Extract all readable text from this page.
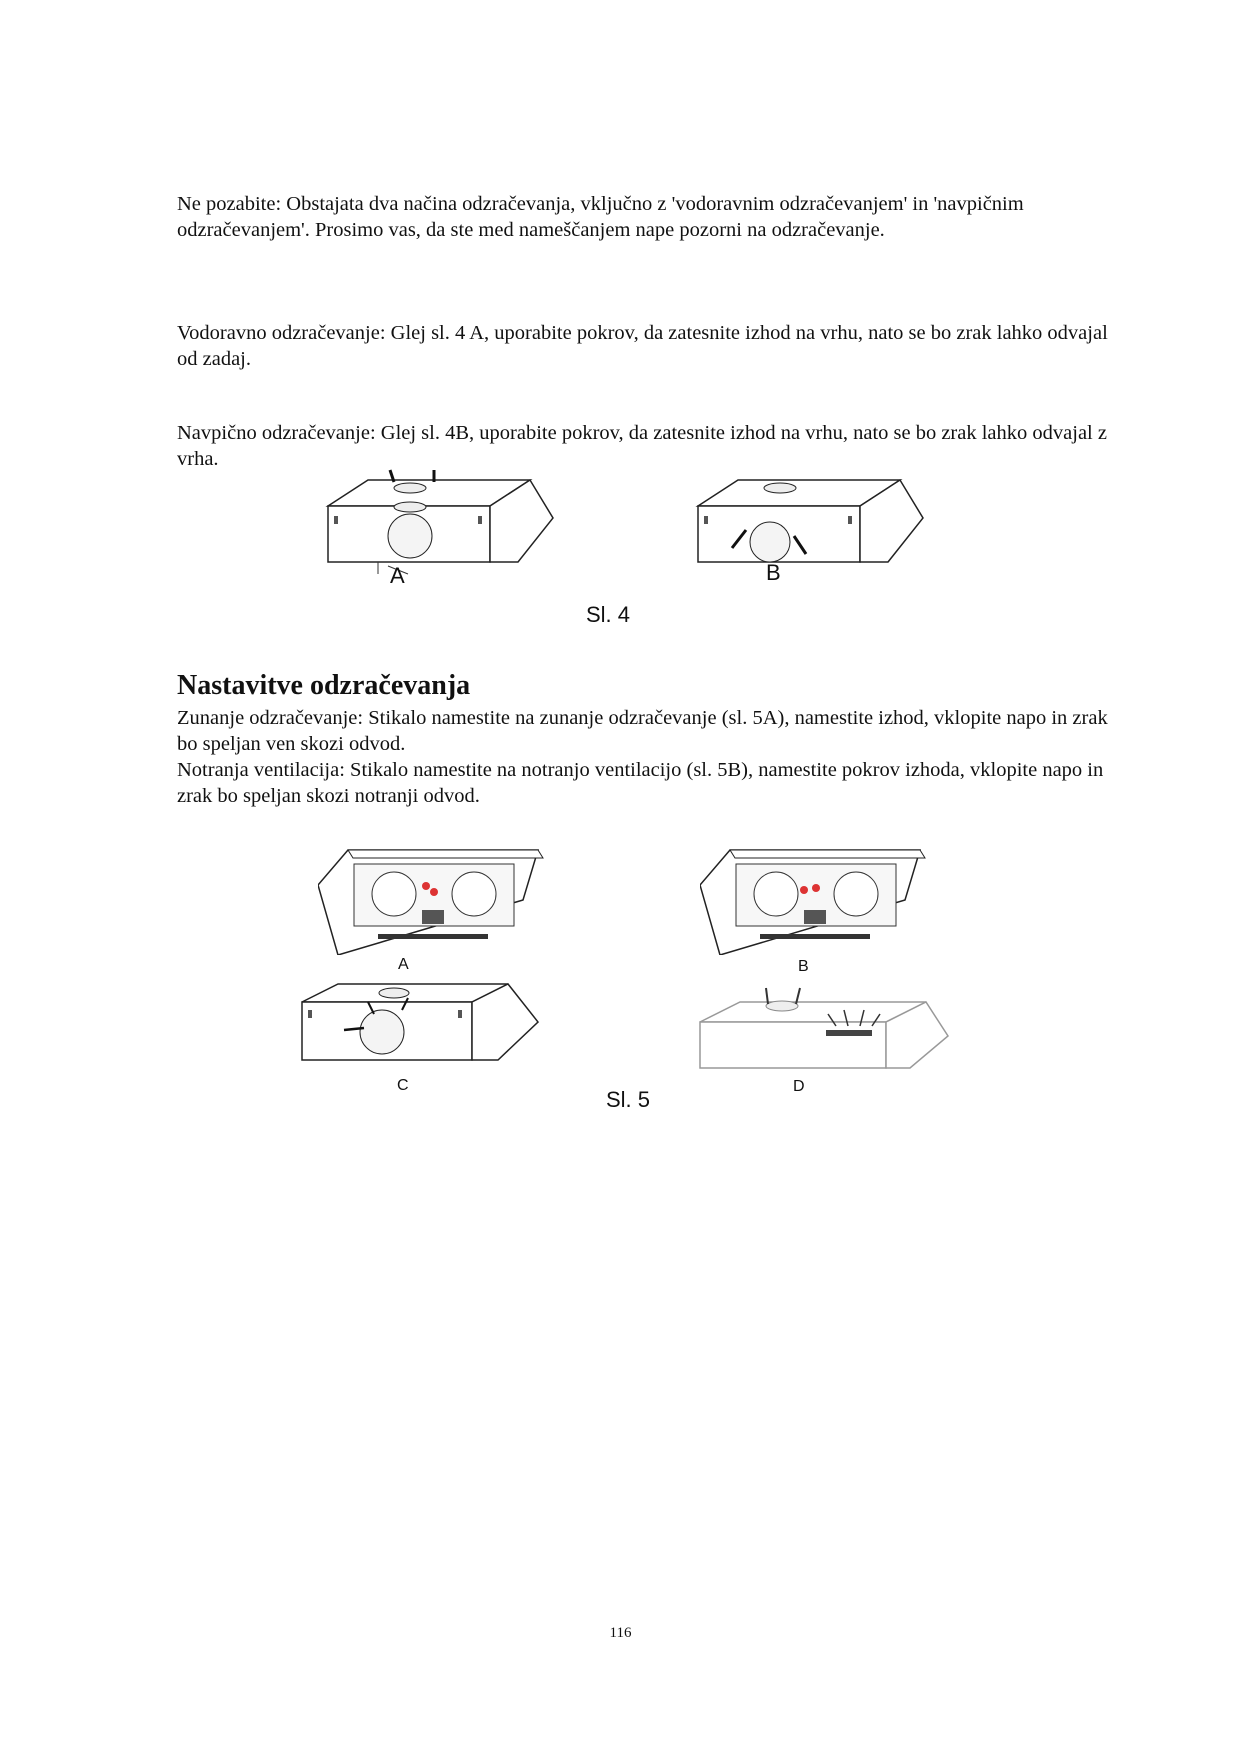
Ne pozabite: Obstajata dva načina odzračevanja, vključno z 'vodoravnim odzračevanjem' in 'navpičnim odzračevanjem'. Prosimo vas, da ste med nameščanjem nape pozorni na odzračevanje.

Vodoravno odzračevanje: Glej sl. 4 A, uporabite pokrov, da zatesnite izhod na vrhu, nato se bo zrak lahko odvajal od zadaj.

Navpično odzračevanje: Glej sl. 4B, uporabite pokrov, da zatesnite izhod na vrhu, nato se bo zrak lahko odvajal z vrha.

A	B
Sl. 4
Nastavitve odzračevanja

Zunanje odzračevanje: Stikalo namestite na zunanje odzračevanje (sl. 5A), namestite izhod, vklopite napo in zrak bo speljan ven skozi odvod.

Notranja ventilacija: Stikalo namestite na notranjo ventilacijo (sl. 5B), namestite pokrov izhoda, vklopite napo in zrak bo speljan skozi notranji odvod.

A	B
C	D
Sl. 5
116
